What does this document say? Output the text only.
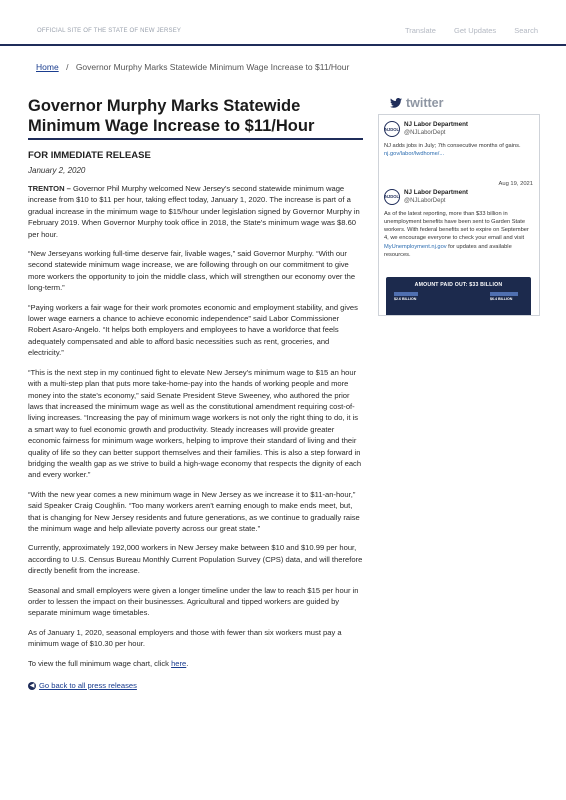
OFFICIAL SITE OF THE STATE OF NEW JERSEY	Translate Get Updates Search
Home / Governor Murphy Marks Statewide Minimum Wage Increase to $11/Hour
Governor Murphy Marks Statewide Minimum Wage Increase to $11/Hour
FOR IMMEDIATE RELEASE
January 2, 2020

TRENTON – Governor Phil Murphy welcomed New Jersey's second statewide minimum wage increase from $10 to $11 per hour, taking effect today, January 1, 2020. The increase is part of a gradual increase in the minimum wage to $15/hour under legislation signed by Governor Murphy in February 2019. When Governor Murphy took office in 2018, the State's minimum wage was $8.60 per hour.

“New Jerseyans working full-time deserve fair, livable wages,” said Governor Murphy. “With our second statewide minimum wage increase, we are following through on our commitment to give more workers the opportunity to join the middle class, which will strengthen our economy over the long-term.”

“Paying workers a fair wage for their work promotes economic and employment stability, and gives lower wage earners a chance to achieve economic independence” said Labor Commissioner Robert Asaro-Angelo. “It helps both employers and employees to have a workforce that feels adequately compensated and able to afford basic necessities such as rent, groceries, and electricity.”

“This is the next step in my continued fight to elevate New Jersey's minimum wage to $15 an hour with a multi-step plan that puts more take-home-pay into the hands of working people and more money into the state's economy,” said Senate President Steve Sweeney, who authored the prior laws that increased the minimum wage as well as the constitutional amendment requiring cost-of-living increases. “Increasing the pay of minimum wage workers is not only the right thing to do, it is a smart way to fuel economic growth and productivity. Steady increases will provide greater economic fairness for minimum wage workers, helping to improve their standard of living and their quality of life so they can better support themselves and their families. This is also a step forward in bridging the wealth gap as we strive to build a high-wage economy that respects the dignity of each and every worker.”

“With the new year comes a new minimum wage in New Jersey as we increase it to $11-an-hour,” said Speaker Craig Coughlin. “Too many workers aren't earning enough to make ends meet, but, that is changing for New Jersey residents and future generations, as we continue to gradually raise the minimum wage and help alleviate poverty across our great state.”

Currently, approximately 192,000 workers in New Jersey make between $10 and $10.99 per hour, according to U.S. Census Bureau Monthly Current Population Survey (CPS) data, and will therefore directly benefit from the increase.

Seasonal and small employers were given a longer timeline under the law to reach $15 per hour in order to lessen the impact on their businesses. Agricultural and tipped workers are guided by separate minimum wage timetables.

As of January 1, 2020, seasonal employers and those with fewer than six workers must pay a minimum wage of $10.30 per hour.

To view the full minimum wage chart, click here.

◀ Go back to all press releases
twitter
NJDOL
NJ Labor Department
@NJLaborDept
NJ adds jobs in July; 7th consecutive months of gains. nj.gov/labor/lwdhome/...
Aug 19, 2021
NJDOL
NJ Labor Department
@NJLaborDept
As of the latest reporting, more than $33 billion in unemployment benefits have been sent to Garden State workers. With federal benefits set to expire on September 4, we encourage everyone to check your email and visit MyUnemployment.nj.gov for updates and available resources.
AMOUNT PAID OUT: $33 BILLION
$2.6 BILLION	$6.4 BILLION
